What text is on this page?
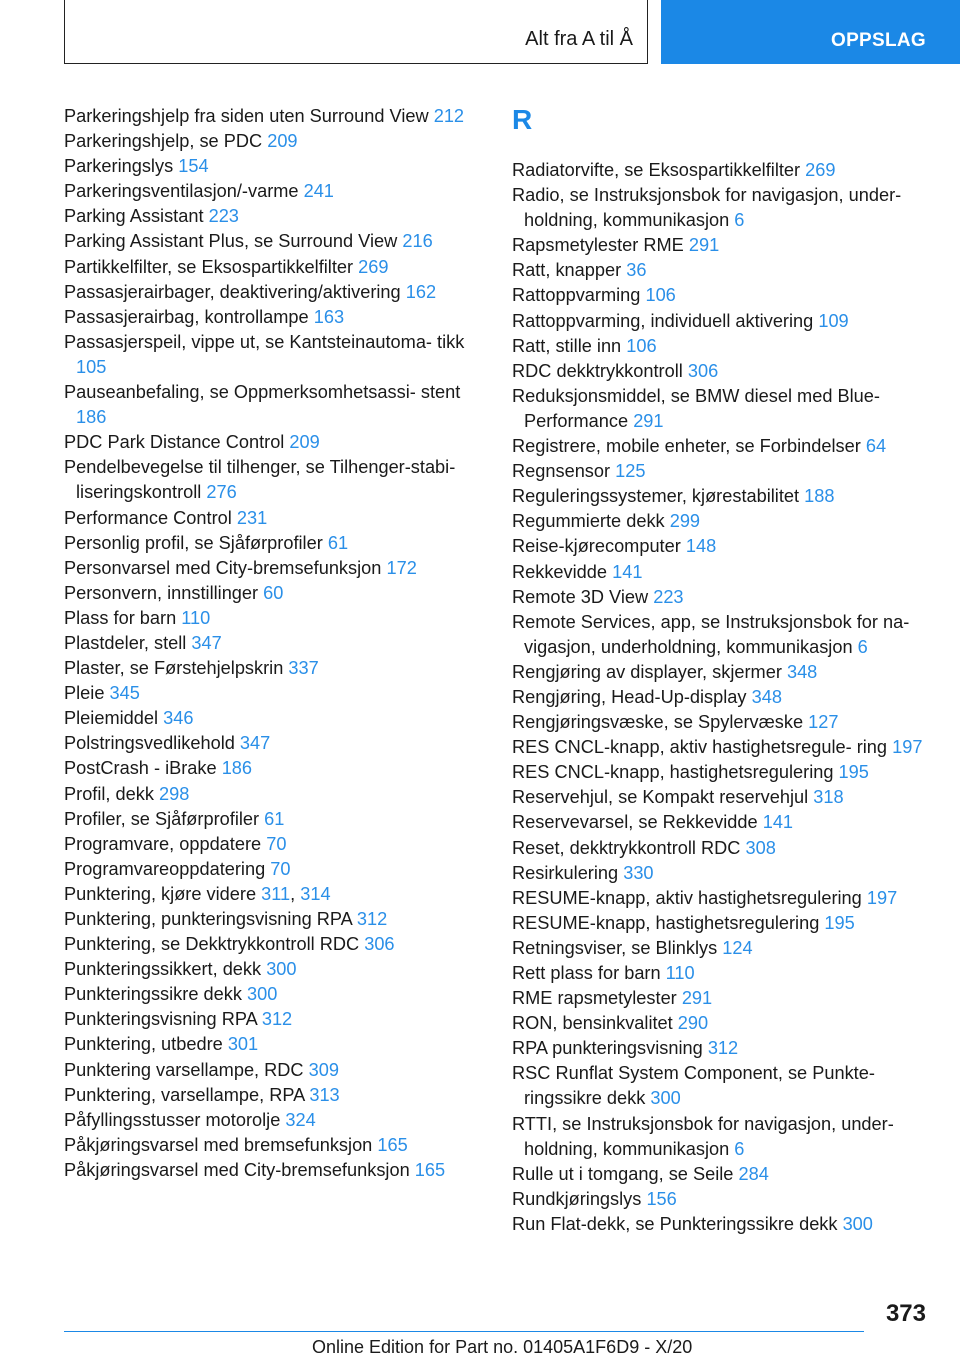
Alt fra A til Å	OPPSLAG
Parkeringshjelp fra siden uten Surround View 212
Parkeringshjelp, se PDC 209
Parkeringslys 154
Parkeringsventilasjon/-varme 241
Parking Assistant 223
Parking Assistant Plus, se Surround View 216
Partikkelfilter, se Eksospartikkelfilter 269
Passasjerairbager, deaktivering/aktivering 162
Passasjerairbag, kontrollampe 163
Passasjerspeil, vippe ut, se Kantsteinautoma‐ tikk 105
Pauseanbefaling, se Oppmerksomhetsassi‐ stent 186
PDC Park Distance Control 209
Pendelbevegelse til tilhenger, se Tilhenger-stabi‐ liseringskontroll 276
Performance Control 231
Personlig profil, se Sjåførprofiler 61
Personvarsel med City-bremsefunksjon 172
Personvern, innstillinger 60
Plass for barn 110
Plastdeler, stell 347
Plaster, se Førstehjelpskrin 337
Pleie 345
Pleiemiddel 346
Polstringsvedlikehold 347
PostCrash - iBrake 186
Profil, dekk 298
Profiler, se Sjåførprofiler 61
Programvare, oppdatere 70
Programvareoppdatering 70
Punktering, kjøre videre 311, 314
Punktering, punkteringsvisning RPA 312
Punktering, se Dekktrykkontroll RDC 306
Punkteringssikkert, dekk 300
Punkteringssikre dekk 300
Punkteringsvisning RPA 312
Punktering, utbedre 301
Punktering varsellampe, RDC 309
Punktering, varsellampe, RPA 313
Påfyllingsstusser motorolje 324
Påkjøringsvarsel med bremsefunksjon 165
Påkjøringsvarsel med City-bremsefunksjon 165
R
Radiatorvifte, se Eksospartikkelfilter 269
Radio, se Instruksjonsbok for navigasjon, under‐ holdning, kommunikasjon 6
Rapsmetylester RME 291
Ratt, knapper 36
Rattoppvarming 106
Rattoppvarming, individuell aktivering 109
Ratt, stille inn 106
RDC dekktrykkontroll 306
Reduksjonsmiddel, se BMW diesel med Blue‐ Performance 291
Registrere, mobile enheter, se Forbindelser 64
Regnsensor 125
Reguleringssystemer, kjørestabilitet 188
Regummierte dekk 299
Reise-kjørecomputer 148
Rekkevidde 141
Remote 3D View 223
Remote Services, app, se Instruksjonsbok for na‐ vigasjon, underholdning, kommunikasjon 6
Rengjøring av displayer, skjermer 348
Rengjøring, Head-Up-display 348
Rengjøringsvæske, se Spylervæske 127
RES CNCL-knapp, aktiv hastighetsregule‐ ring 197
RES CNCL-knapp, hastighetsregulering 195
Reservehjul, se Kompakt reservehjul 318
Reservevarsel, se Rekkevidde 141
Reset, dekktrykkontroll RDC 308
Resirkulering 330
RESUME-knapp, aktiv hastighetsregulering 197
RESUME-knapp, hastighetsregulering 195
Retningsviser, se Blinklys 124
Rett plass for barn 110
RME rapsmetylester 291
RON, bensinkvalitet 290
RPA punkteringsvisning 312
RSC Runflat System Component, se Punkte‐ ringssikre dekk 300
RTTI, se Instruksjonsbok for navigasjon, under‐ holdning, kommunikasjon 6
Rulle ut i tomgang, se Seile 284
Rundkjøringslys 156
Run Flat-dekk, se Punkteringssikre dekk 300
373
Online Edition for Part no. 01405A1F6D9 - X/20
